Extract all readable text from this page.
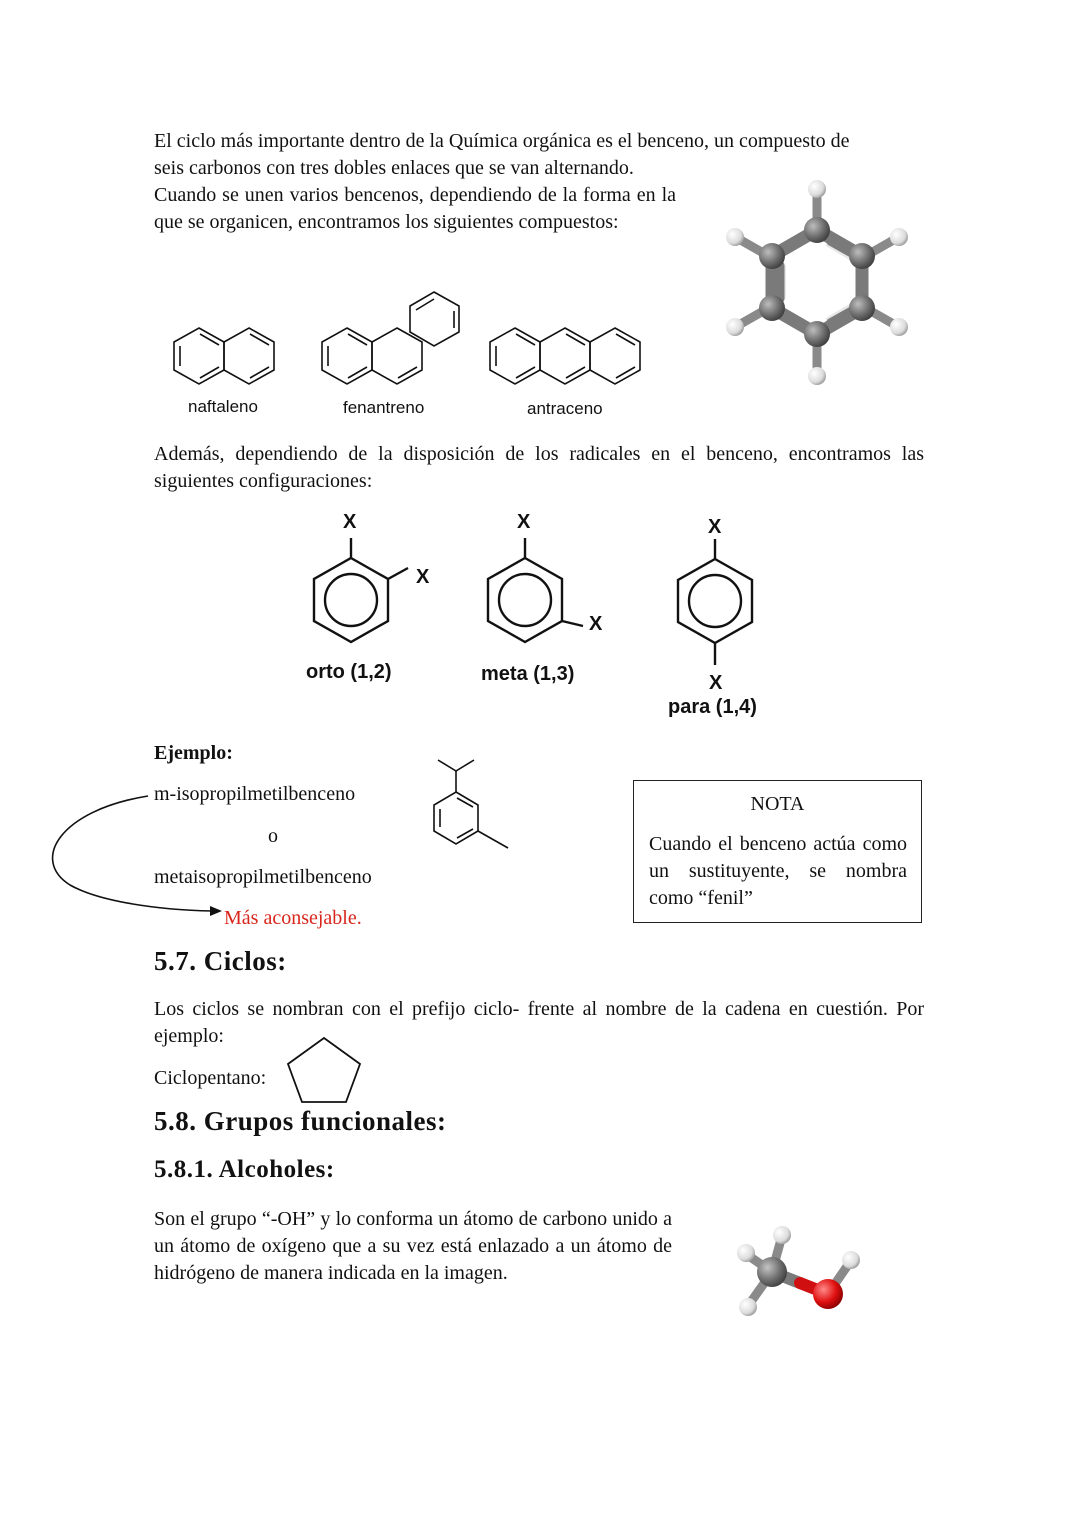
El ciclo más importante dentro de la Química orgánica es el benceno, un compuesto de
seis carbonos con tres dobles enlaces que se van alternando.
Cuando se unen varios bencenos, dependiendo de la forma en la que se organicen, encontramos los siguientes compuestos:
naftaleno	fenantreno	antraceno
Además, dependiendo de la disposición de los radicales en el benceno, encontramos las siguientes configuraciones:
X
X
orto (1,2)
X
X
meta (1,3)
X
X
para (1,4)
Ejemplo:
m-isopropilmetilbenceno
o
metaisopropilmetilbenceno
Más aconsejable.
NOTA
Cuando el benceno actúa como un sustituyente, se nombra como “fenil”
5.7. Ciclos:
Los ciclos se nombran con el prefijo ciclo- frente al nombre de la cadena en cuestión. Por ejemplo:
Ciclopentano:
5.8. Grupos funcionales:
5.8.1. Alcoholes:
Son el grupo “-OH” y lo conforma un átomo de carbono unido a un átomo de oxígeno que a su vez está enlazado a un átomo de hidrógeno de manera indicada en la imagen.
